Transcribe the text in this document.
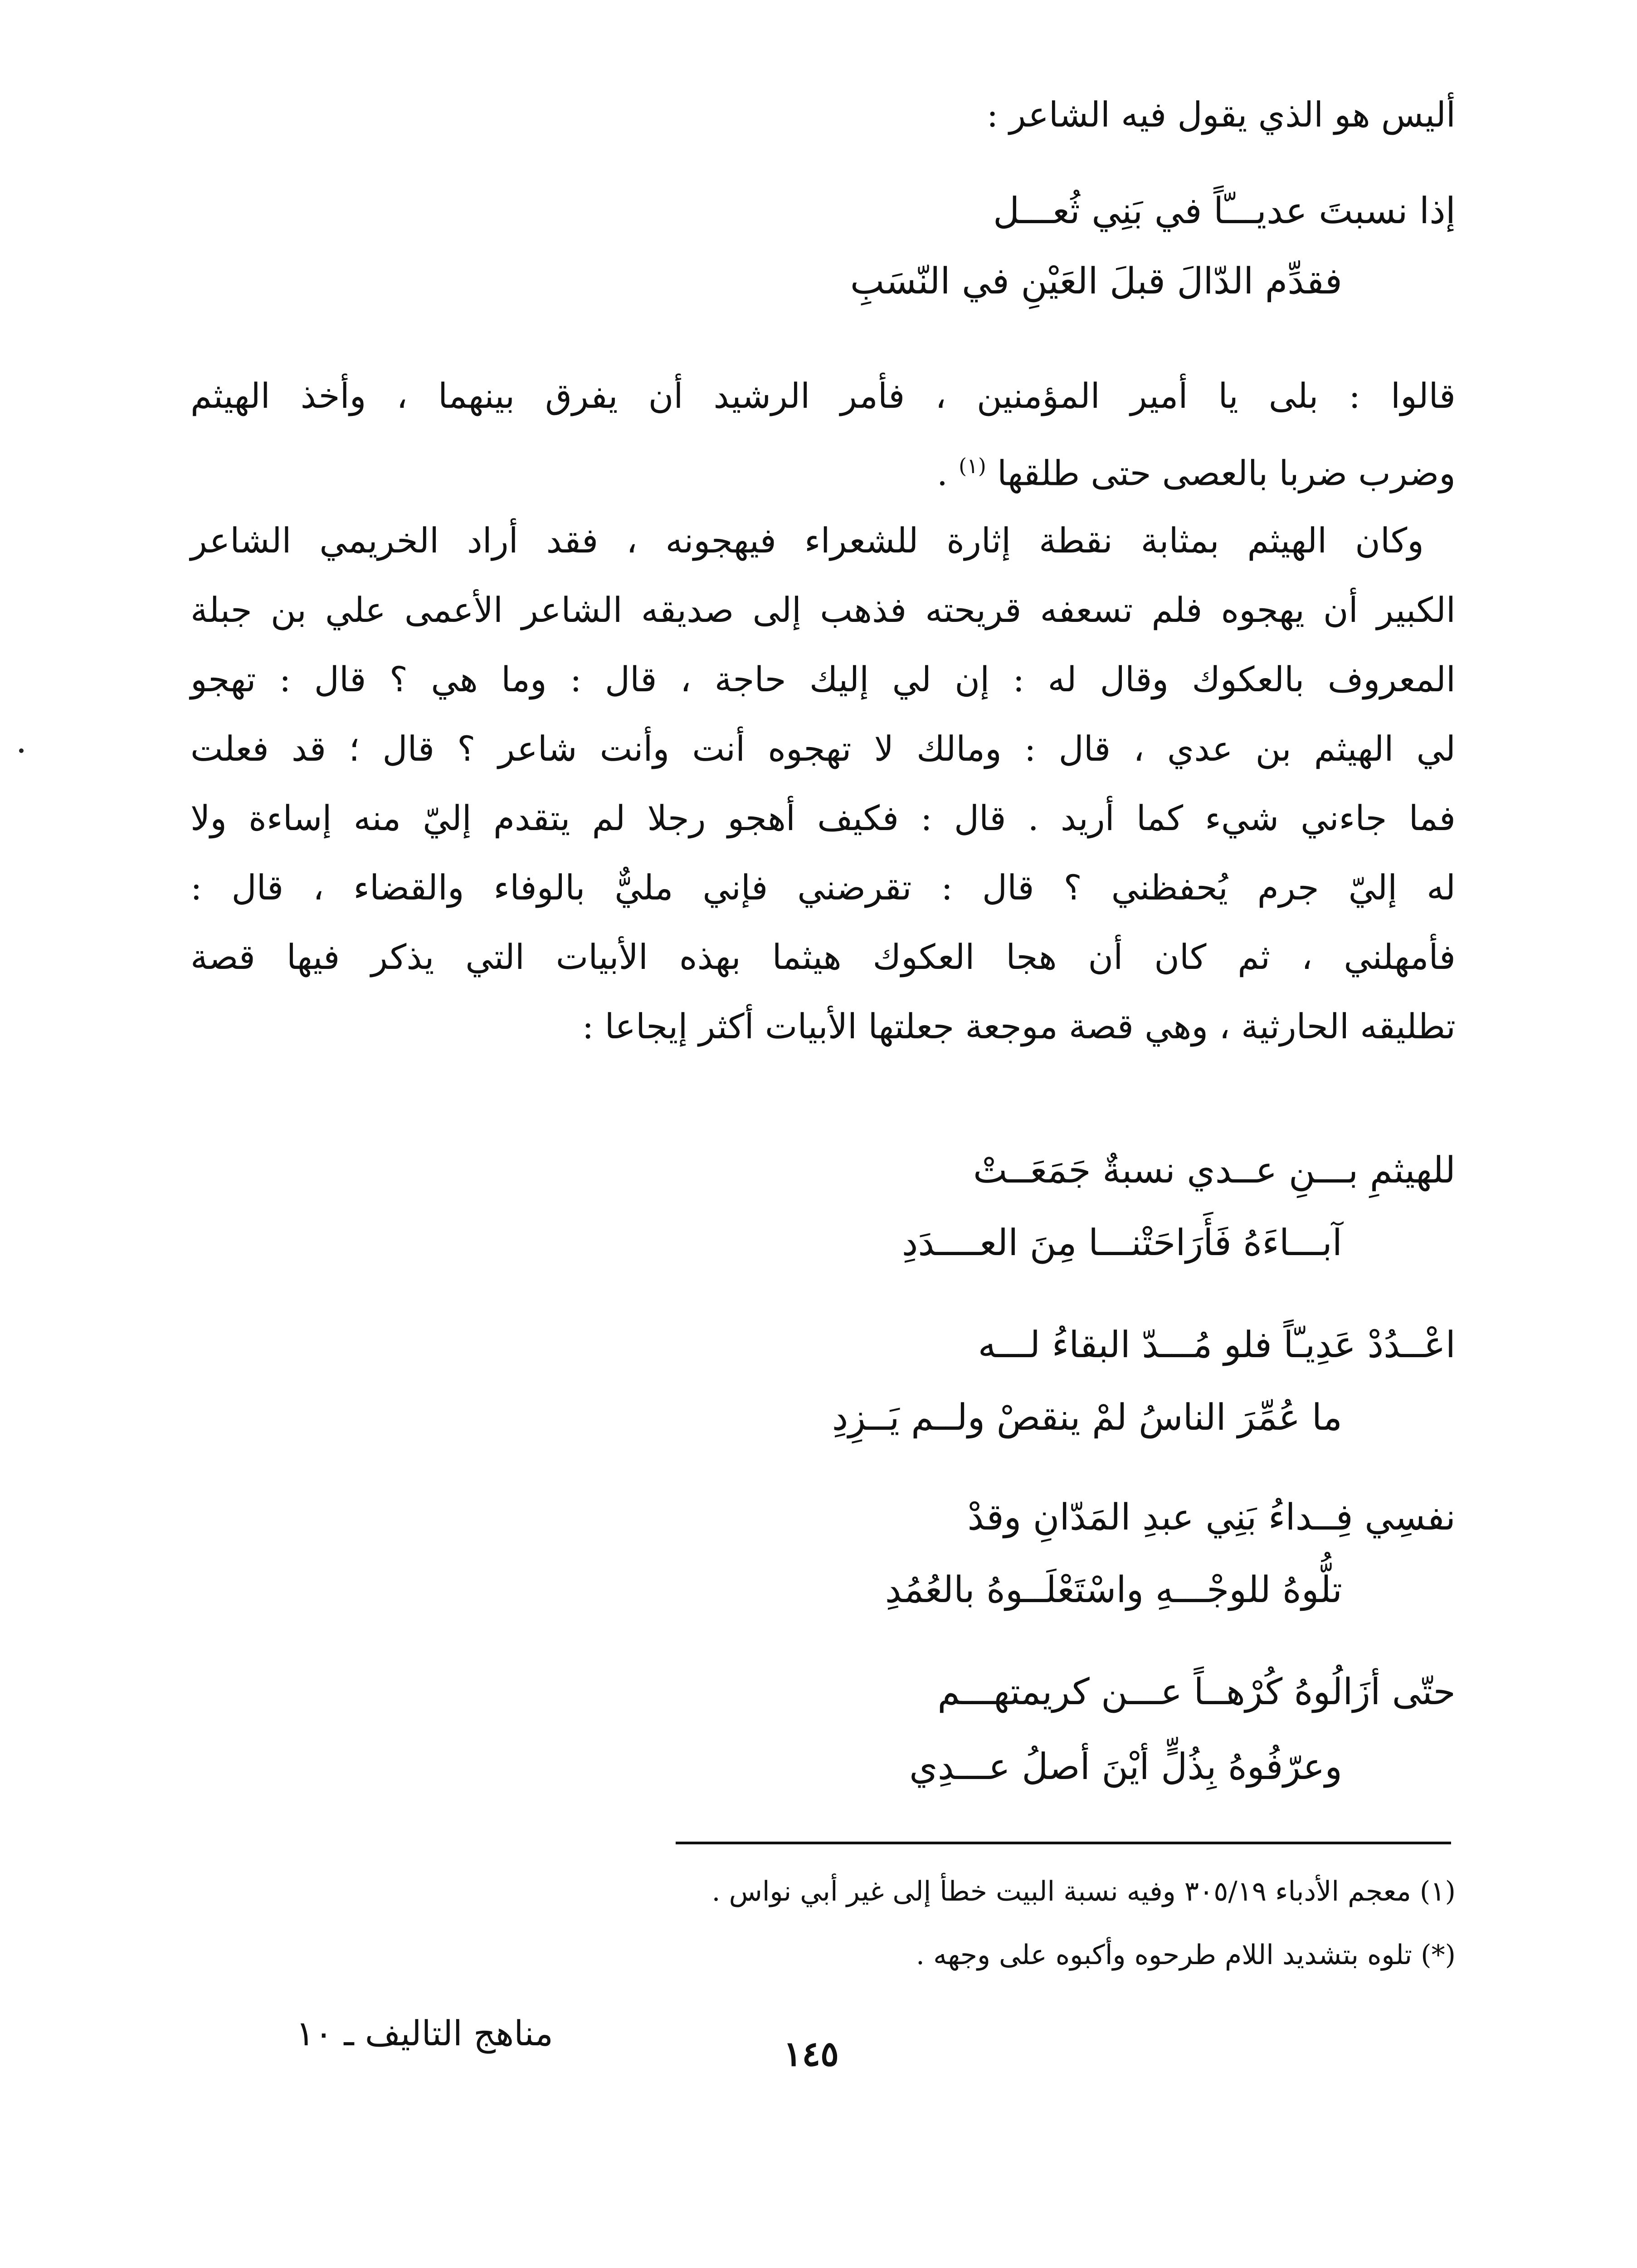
أليس هو الذي يقول فيه الشاعر :
إذا نسبتَ عديـــّاً في بَنِي ثُعـــل
فقدِّم الدّالَ قبلَ العَيْنِ في النّسَبِ
قالوا : بلى يا أمير المؤمنين ، فأمر الرشيد أن يفرق بينهما ، وأخذ الهيثم
وضرب ضربا بالعصى حتى طلقها $^{(١)}$ .
وكان الهيثم بمثابة نقطة إثارة للشعراء فيهجونه ، فقد أراد الخريمي الشاعر
الكبير أن يهجوه فلم تسعفه قريحته فذهب إلى صديقه الشاعر الأعمى علي بن جبلة
المعروف بالعكوك وقال له : إن لي إليك حاجة ، قال : وما هي ؟ قال : تهجو
لي الهيثم بن عدي ، قال : ومالك لا تهجوه أنت وأنت شاعر ؟ قال ؛ قد فعلت
فما جاءني شيء كما أريد . قال : فكيف أهجو رجلا لم يتقدم إليّ منه إساءة ولا
له إليّ جرم يُحفظني ؟ قال : تقرضني فإني مليٌّ بالوفاء والقضاء ، قال :
فأمهلني ، ثم كان أن هجا العكوك هيثما بهذه الأبيات التي يذكر فيها قصة
تطليقه الحارثية ، وهي قصة موجعة جعلتها الأبيات أكثر إيجاعا :
للهيثمِ بـــنِ عــدي نسبةٌ جَمَعَــتْ
آبـــاءَهُ فَأَرَاحَتْنـــا مِنَ العــــدَدِ
اعْــدُدْ عَدِيـّاً فلو مُـــدّ البقاءُ لـــه
ما عُمِّرَ الناسُ لمْ ينقصْ ولــم يَــزِدِ
نفسِي فِــداءُ بَنِي عبدِ المَدّانِ وقدْ
تلُّوهُ للوجْـــهِ واسْتَعْلَــوهُ بالعُمُدِ
حتّى أزَالُوهُ كُرْهــاً عـــن كريمتهـــم
وعرّفُوهُ بِذُلٍّ أيْنَ أصلُ عـــدِي
(١) معجم الأدباء ٣٠٥/١٩ وفيه نسبة البيت خطأ إلى غير أبي نواس .
(*) تلوه بتشديد اللام طرحوه وأكبوه على وجهه .
مناهج التاليف ـ ١٠
١٤٥
